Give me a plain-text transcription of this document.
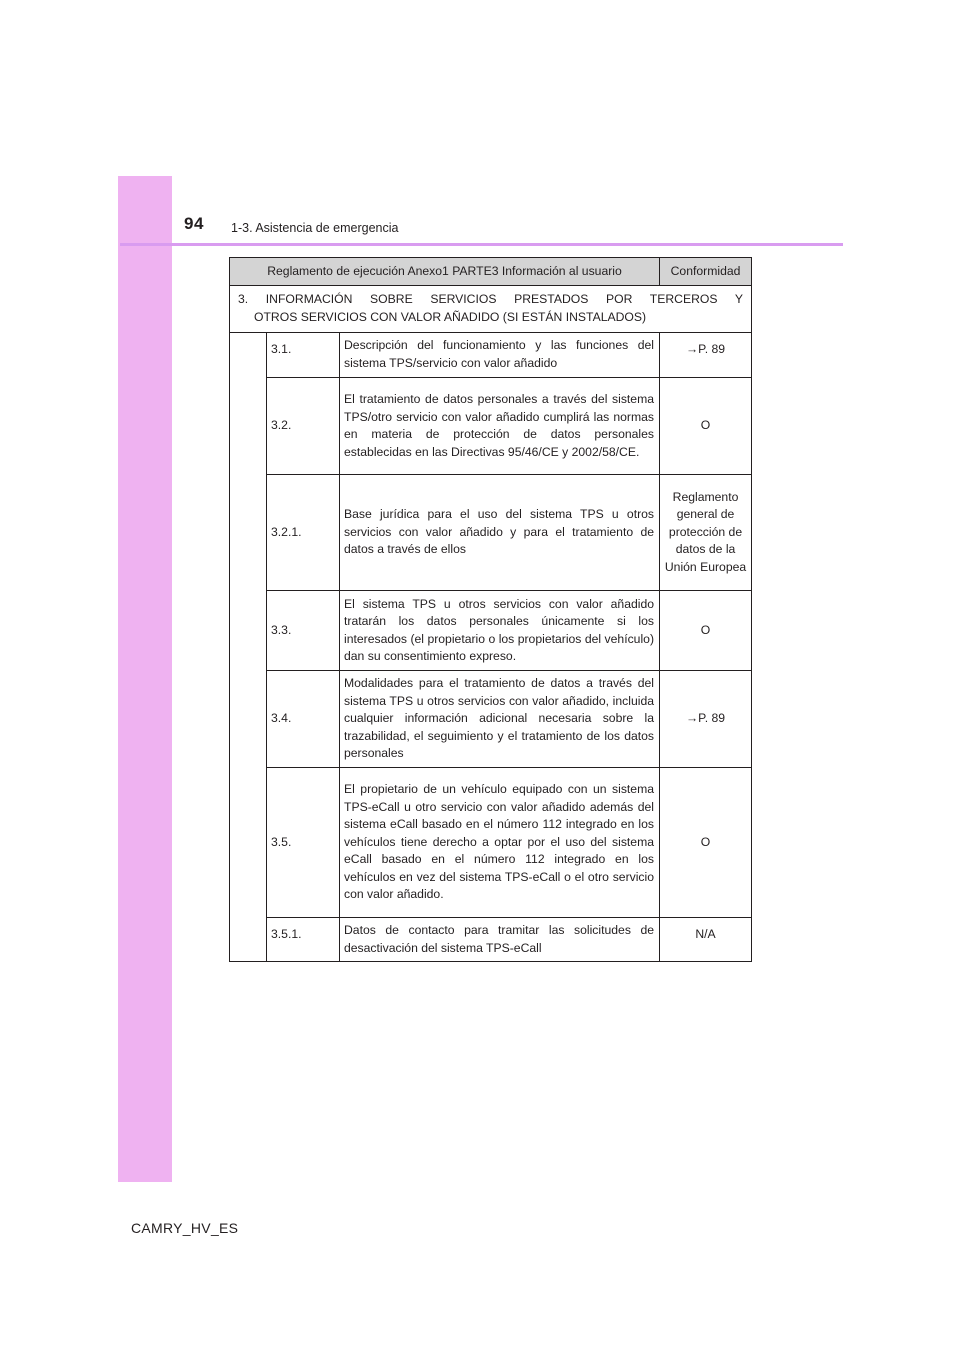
94 1-3. Asistencia de emergencia
Reglamento de ejecución Anexo1 PARTE3 Información al usuario			Conformidad
3. INFORMACIÓN SOBRE SERVICIOS PRESTADOS POR TERCEROS Y
OTROS SERVICIOS CON VALOR AÑADIDO (SI ESTÁN INSTALADOS)			

	3.1.	Descripción del funcionamiento y las funciones del sistema TPS/servicio con valor añadido	→P. 89
	3.2.	El tratamiento de datos personales a través del sistema TPS/otro servicio con valor añadido cumplirá las normas en materia de protección de datos personales establecidas en las Directivas 95/46/CE y 2002/58/CE.	O
	3.2.1.	Base jurídica para el uso del sistema TPS u otros servicios con valor añadido y para el tratamiento de datos a través de ellos	Reglamento general de protección de datos de la Unión Europea
	3.3.	El sistema TPS u otros servicios con valor añadido tratarán los datos personales únicamente si los interesados (el propietario o los propietarios del vehículo) dan su consentimiento expreso.	O
	3.4.	Modalidades para el tratamiento de datos a través del sistema TPS u otros servicios con valor añadido, incluida cualquier información adicional necesaria sobre la trazabilidad, el seguimiento y el tratamiento de los datos personales	→P. 89
	3.5.	El propietario de un vehículo equipado con un sistema TPS-eCall u otro servicio con valor añadido además del sistema eCall basado en el número 112 integrado en los vehículos tiene derecho a optar por el uso del sistema eCall basado en el número 112 integrado en los vehículos en vez del sistema TPS-eCall o el otro servicio con valor añadido.	O
	3.5.1.	Datos de contacto para tramitar las solicitudes de desactivación del sistema TPS-eCall	N/A
CAMRY_HV_ES
